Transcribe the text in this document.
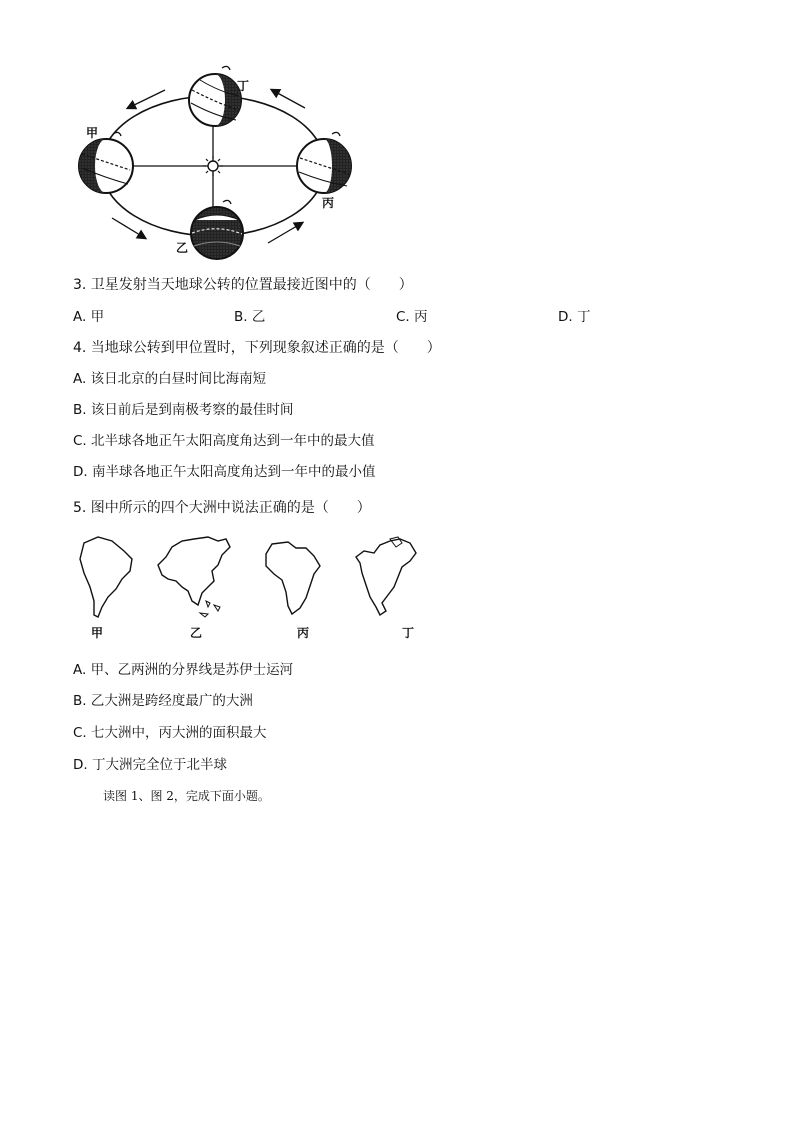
甲
丁
丙
乙
3. 卫星发射当天地球公转的位置最接近图中的（　　）
A. 甲	B. 乙	C. 丙	D. 丁
4. 当地球公转到甲位置时，下列现象叙述正确的是（　　）
A. 该日北京的白昼时间比海南短
B. 该日前后是到南极考察的最佳时间
C. 北半球各地正午太阳高度角达到一年中的最大值
D. 南半球各地正午太阳高度角达到一年中的最小值
5. 图中所示的四个大洲中说法正确的是（　　）
甲	乙	丙	丁
A. 甲、乙两洲的分界线是苏伊士运河
B. 乙大洲是跨经度最广的大洲
C. 七大洲中，丙大洲的面积最大
D. 丁大洲完全位于北半球
读图 1、图 2，完成下面小题。
